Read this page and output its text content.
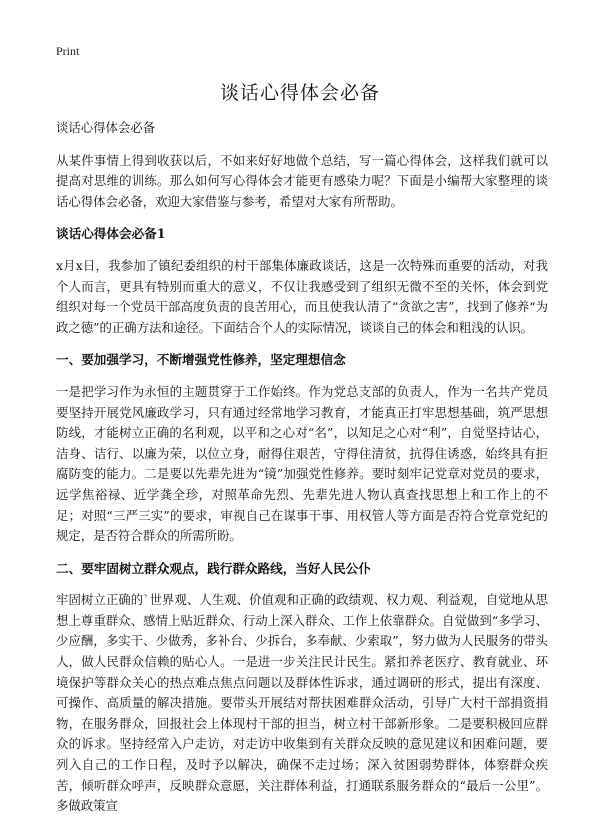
Print
谈话心得体会必备

谈话心得体会必备

从某件事情上得到收获以后，不如来好好地做个总结，写一篇心得体会，这样我们就可以提高对思维的训练。那么如何写心得体会才能更有感染力呢？下面是小编帮大家整理的谈话心得体会必备，欢迎大家借鉴与参考，希望对大家有所帮助。

谈话心得体会必备1

x月x日，我参加了镇纪委组织的村干部集体廉政谈话，这是一次特殊而重要的活动，对我个人而言，更具有特别而重大的意义，不仅让我感受到了组织无微不至的关怀，体会到党组织对每一个党员干部高度负责的良苦用心，而且使我认清了“贪欲之害”，找到了修养“为政之德”的正确方法和途径。下面结合个人的实际情况，谈谈自己的体会和粗浅的认识。

一、要加强学习，不断增强党性修养，坚定理想信念

一是把学习作为永恒的主题贯穿于工作始终。作为党总支部的负责人，作为一名共产党员要坚持开展党风廉政学习，只有通过经常地学习教育，才能真正打牢思想基础，筑严思想防线，才能树立正确的名利观，以平和之心对“名”，以知足之心对“利”，自觉坚持诂心，洁身、诘行、以廉为荣，以位立身，耐得住艰苦，守得住清贫，抗得住诱惑，始终具有拒腐防变的能力。二是要以先辈先进为“镜”加强党性修养。要时刻牢记党章对党员的要求，远学焦裕禄、近学龚全珍，对照革命先烈、先辈先进人物认真查找思想上和工作上的不足；对照“三严三实”的要求，审视自己在谋事干事、用权管人等方面是否符合党章党纪的规定，是否符合群众的所需所盼。

二、要牢固树立群众观点，践行群众路线，当好人民公仆

牢固树立正确的`世界观、人生观、价值观和正确的政绩观、权力观、利益观，自觉地从思想上尊重群众、感情上贴近群众、行动上深入群众、工作上依靠群众。自觉做到“多学习、少应酬，多实干、少做秀，多补台、少拆台，多奉献、少索取”，努力做为人民服务的带头人，做人民群众信赖的贴心人。一是进一步关注民计民生。紧扣养老医疗、教育就业、环境保护等群众关心的热点难点焦点问题以及群体性诉求，通过调研的形式，提出有深度、可操作、高质量的解决措施。要带头开展结对帮扶困难群众活动，引导广大村干部捐资捐物，在服务群众，回报社会上体现村干部的担当，树立村干部新形象。二是要积极回应群众的诉求。坚持经常入户走访，对走访中收集到有关群众反映的意见建议和困难问题，要列入自己的工作日程，及时予以解决，确保不走过场；深入贫困弱势群体，体察群众疾苦，倾听群众呼声，反映群众意愿，关注群体利益，打通联系服务群众的“最后一公里”。多做政策宣
